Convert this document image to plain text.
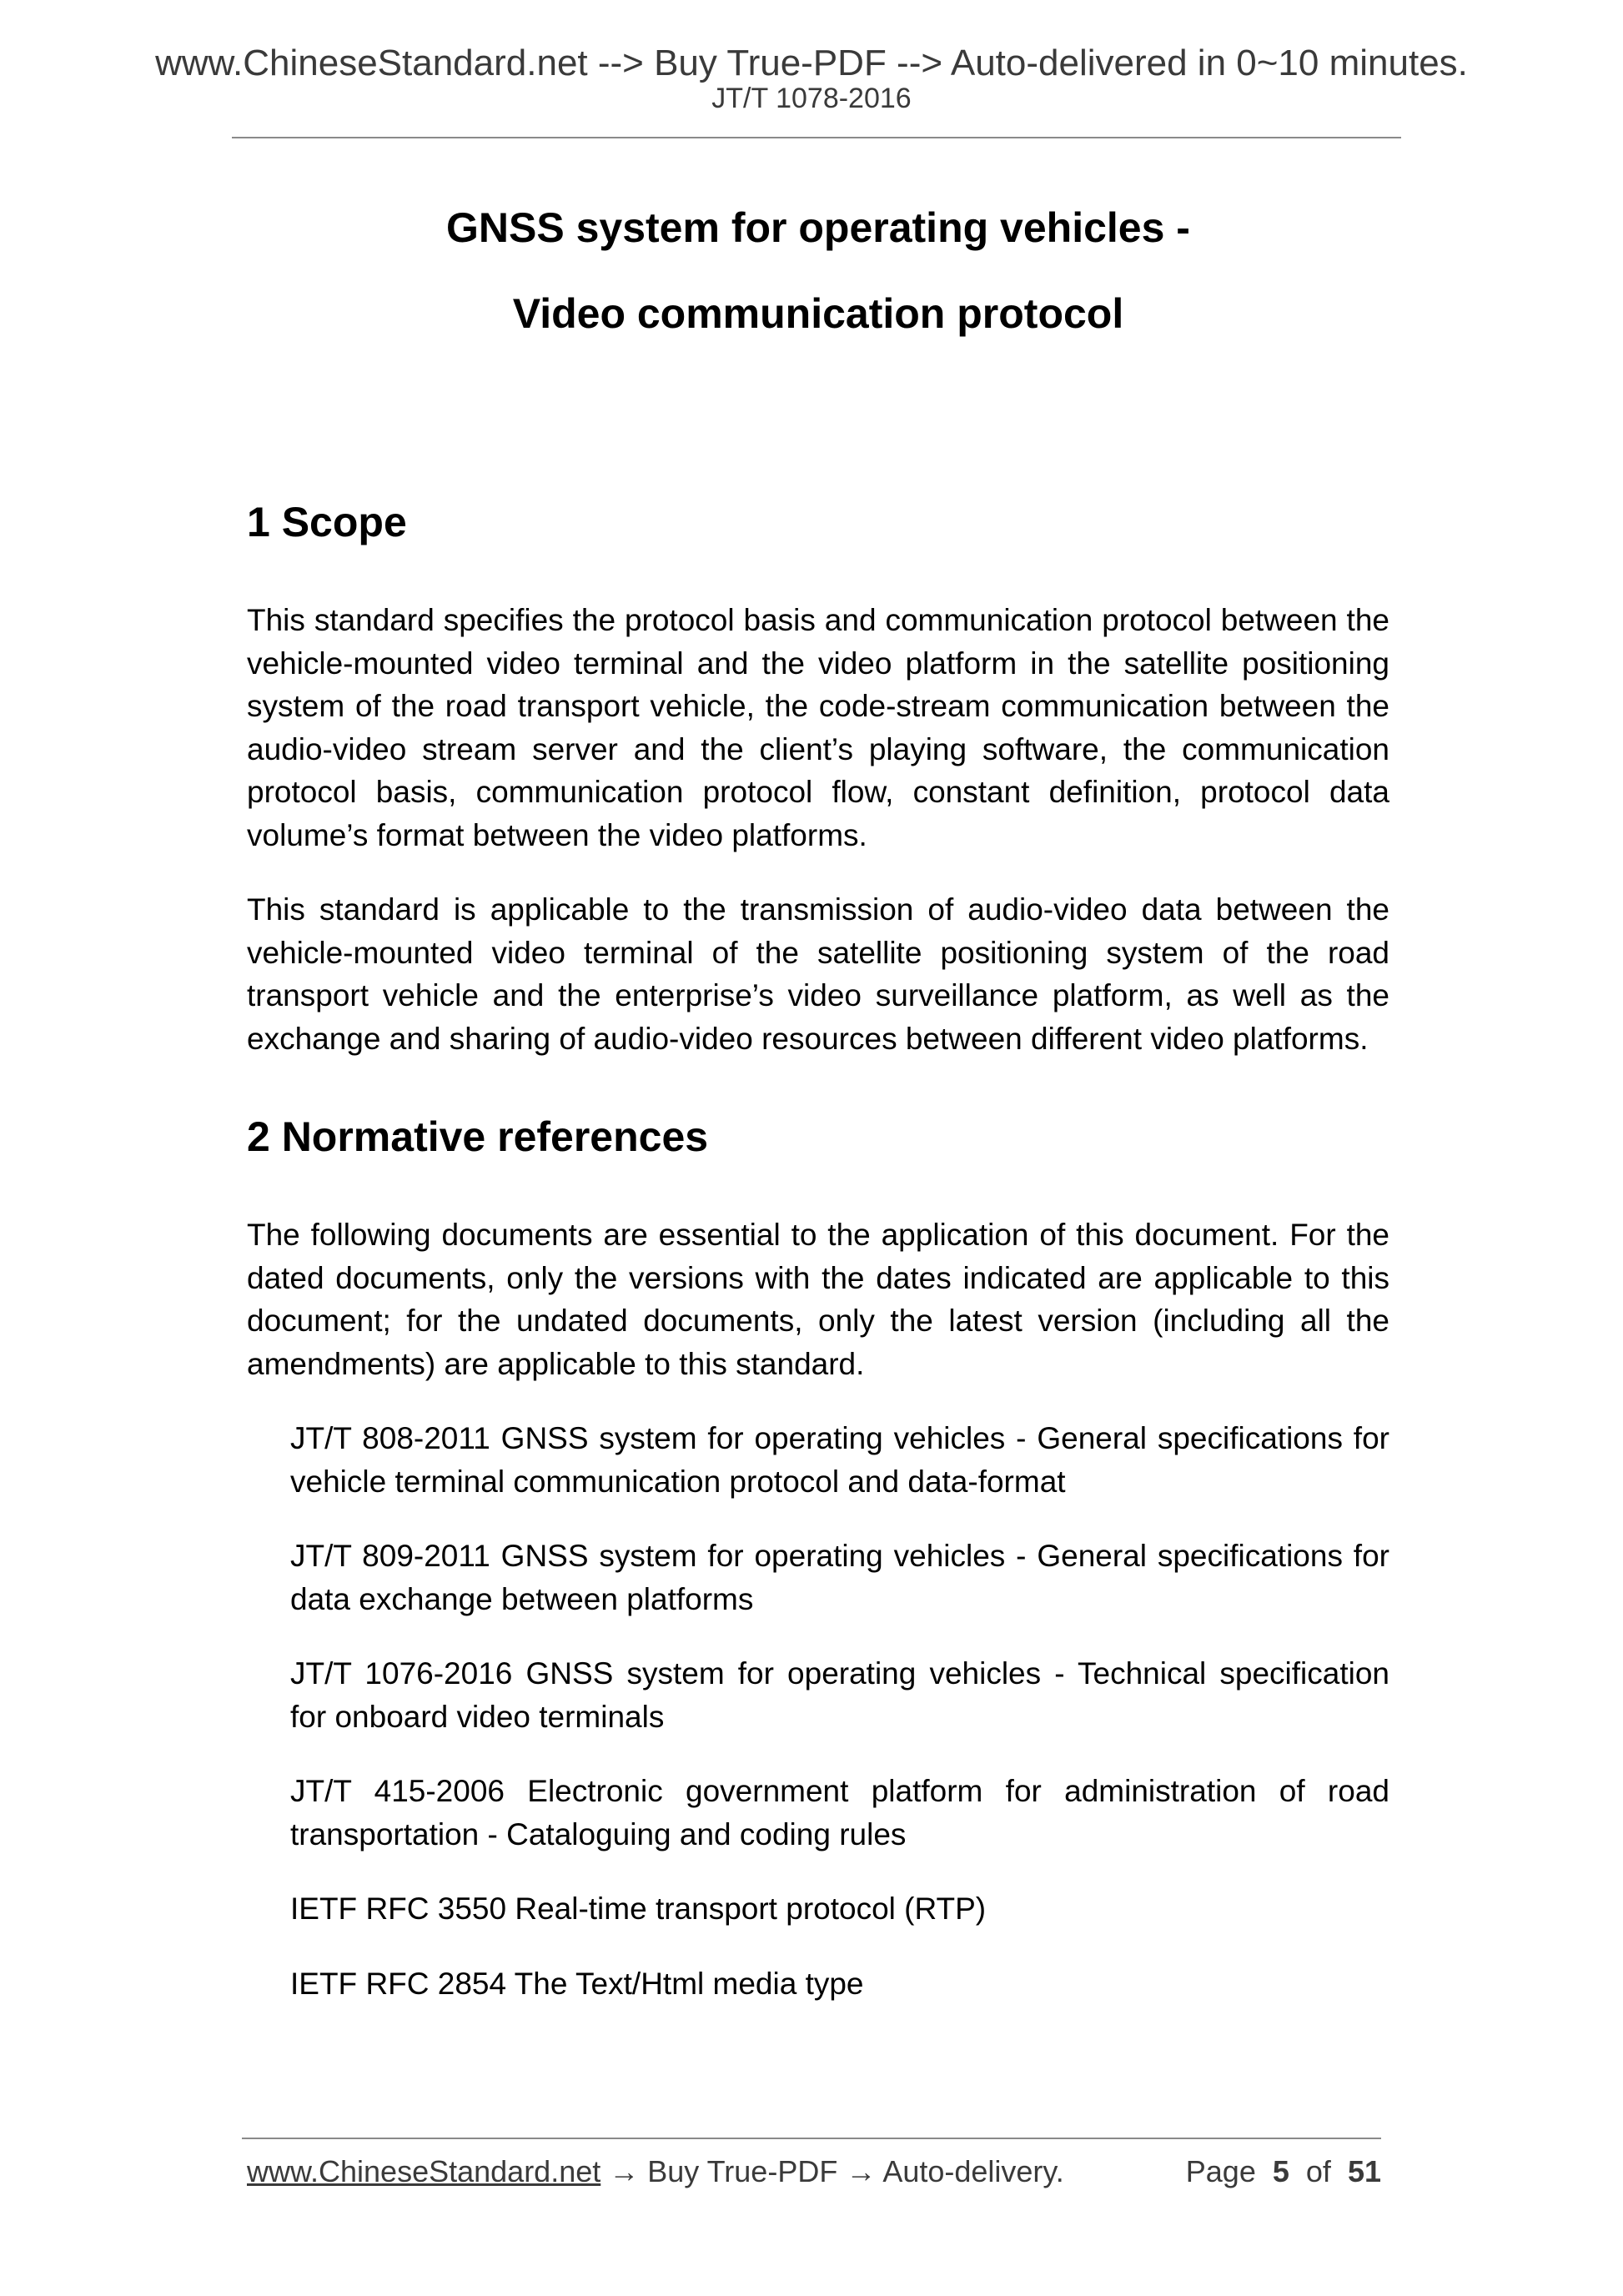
www.ChineseStandard.net --> Buy True-PDF --> Auto-delivered in 0~10 minutes.
JT/T 1078-2016
GNSS system for operating vehicles -
Video communication protocol
1 Scope

This standard specifies the protocol basis and communication protocol between the vehicle-mounted video terminal and the video platform in the satellite positioning system of the road transport vehicle, the code-stream communication between the audio-video stream server and the client’s playing software, the communication protocol basis, communication protocol flow, constant definition, protocol data volume’s format between the video platforms.

This standard is applicable to the transmission of audio-video data between the vehicle-mounted video terminal of the satellite positioning system of the road transport vehicle and the enterprise’s video surveillance platform, as well as the exchange and sharing of audio-video resources between different video platforms.

2 Normative references

The following documents are essential to the application of this document. For the dated documents, only the versions with the dates indicated are applicable to this document; for the undated documents, only the latest version (including all the amendments) are applicable to this standard.

JT/T 808-2011 GNSS system for operating vehicles - General specifications for vehicle terminal communication protocol and data-format
JT/T 809-2011 GNSS system for operating vehicles - General specifications for data exchange between platforms
JT/T 1076-2016 GNSS system for operating vehicles - Technical specification for onboard video terminals
JT/T 415-2006 Electronic government platform for administration of road transportation - Cataloguing and coding rules
IETF RFC 3550 Real-time transport protocol (RTP)
IETF RFC 2854 The Text/Html media type
www.ChineseStandard.net → Buy True-PDF → Auto-delivery.	Page 5 of 51
